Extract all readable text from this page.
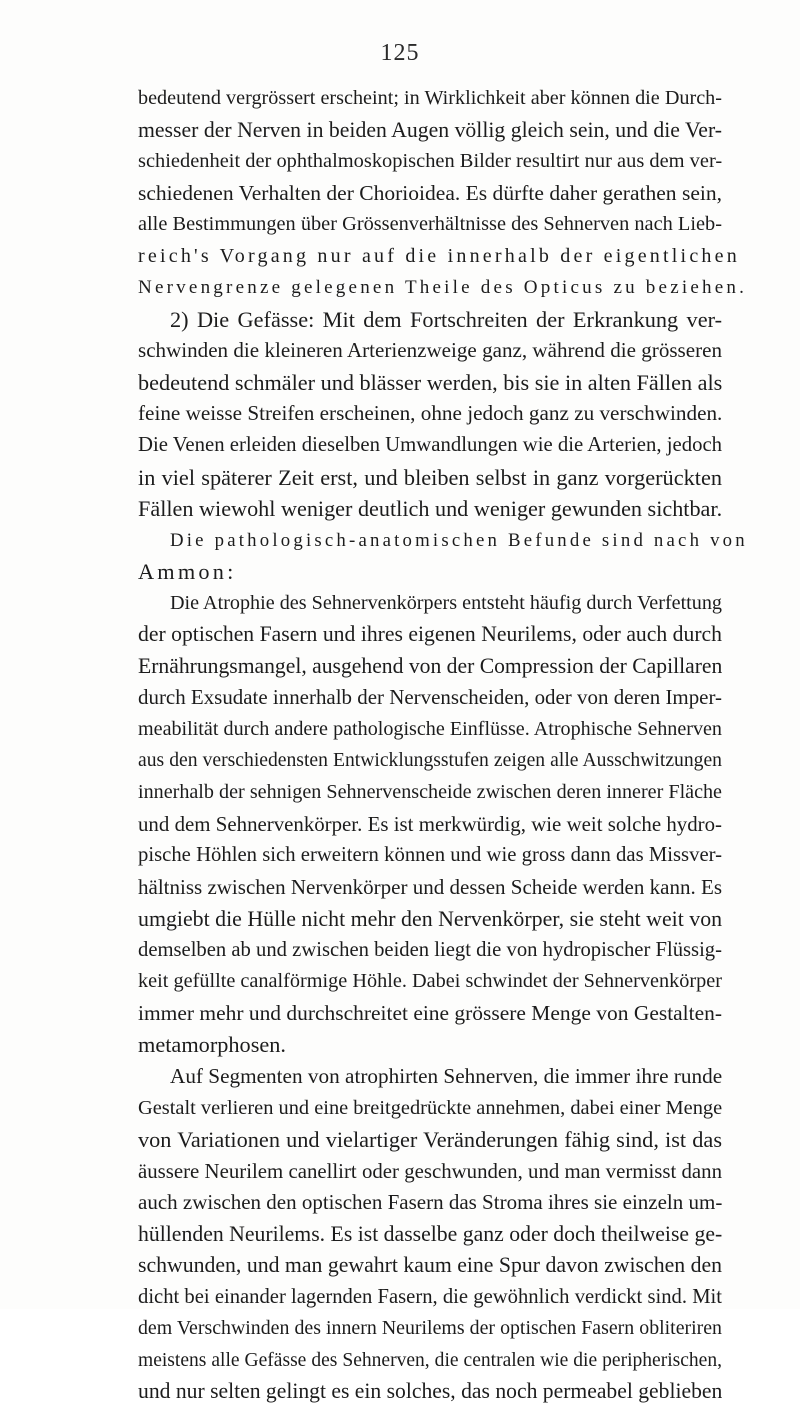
125
bedeutend vergrössert erscheint; in Wirklichkeit aber können die Durch-
messer der Nerven in beiden Augen völlig gleich sein, und die Ver-
schiedenheit der ophthalmoskopischen Bilder resultirt nur aus dem ver-
schiedenen Verhalten der Chorioidea. Es dürfte daher gerathen sein,
alle Bestimmungen über Grössenverhältnisse des Sehnerven nach Lieb-
reich's Vorgang nur auf die innerhalb der eigentlichen
Nervengrenze gelegenen Theile des Opticus zu beziehen.
2) Die Gefässe: Mit dem Fortschreiten der Erkrankung ver-
schwinden die kleineren Arterienzweige ganz, während die grösseren
bedeutend schmäler und blässer werden, bis sie in alten Fällen als
feine weisse Streifen erscheinen, ohne jedoch ganz zu verschwinden.
Die Venen erleiden dieselben Umwandlungen wie die Arterien, jedoch
in viel späterer Zeit erst, und bleiben selbst in ganz vorgerückten
Fällen wiewohl weniger deutlich und weniger gewunden sichtbar.
Die pathologisch-anatomischen Befunde sind nach von
Ammon:
Die Atrophie des Sehnervenkörpers entsteht häufig durch Verfettung
der optischen Fasern und ihres eigenen Neurilems, oder auch durch
Ernährungsmangel, ausgehend von der Compression der Capillaren
durch Exsudate innerhalb der Nervenscheiden, oder von deren Imper-
meabilität durch andere pathologische Einflüsse. Atrophische Sehnerven
aus den verschiedensten Entwicklungsstufen zeigen alle Ausschwitzungen
innerhalb der sehnigen Sehnervenscheide zwischen deren innerer Fläche
und dem Sehnervenkörper. Es ist merkwürdig, wie weit solche hydro-
pische Höhlen sich erweitern können und wie gross dann das Missver-
hältniss zwischen Nervenkörper und dessen Scheide werden kann. Es
umgiebt die Hülle nicht mehr den Nervenkörper, sie steht weit von
demselben ab und zwischen beiden liegt die von hydropischer Flüssig-
keit gefüllte canalförmige Höhle. Dabei schwindet der Sehnervenkörper
immer mehr und durchschreitet eine grössere Menge von Gestalten-
metamorphosen.
Auf Segmenten von atrophirten Sehnerven, die immer ihre runde
Gestalt verlieren und eine breitgedrückte annehmen, dabei einer Menge
von Variationen und vielartiger Veränderungen fähig sind, ist das
äussere Neurilem canellirt oder geschwunden, und man vermisst dann
auch zwischen den optischen Fasern das Stroma ihres sie einzeln um-
hüllenden Neurilems. Es ist dasselbe ganz oder doch theilweise ge-
schwunden, und man gewahrt kaum eine Spur davon zwischen den
dicht bei einander lagernden Fasern, die gewöhnlich verdickt sind. Mit
dem Verschwinden des innern Neurilems der optischen Fasern obliteriren
meistens alle Gefässe des Sehnerven, die centralen wie die peripherischen,
und nur selten gelingt es ein solches, das noch permeabel geblieben
